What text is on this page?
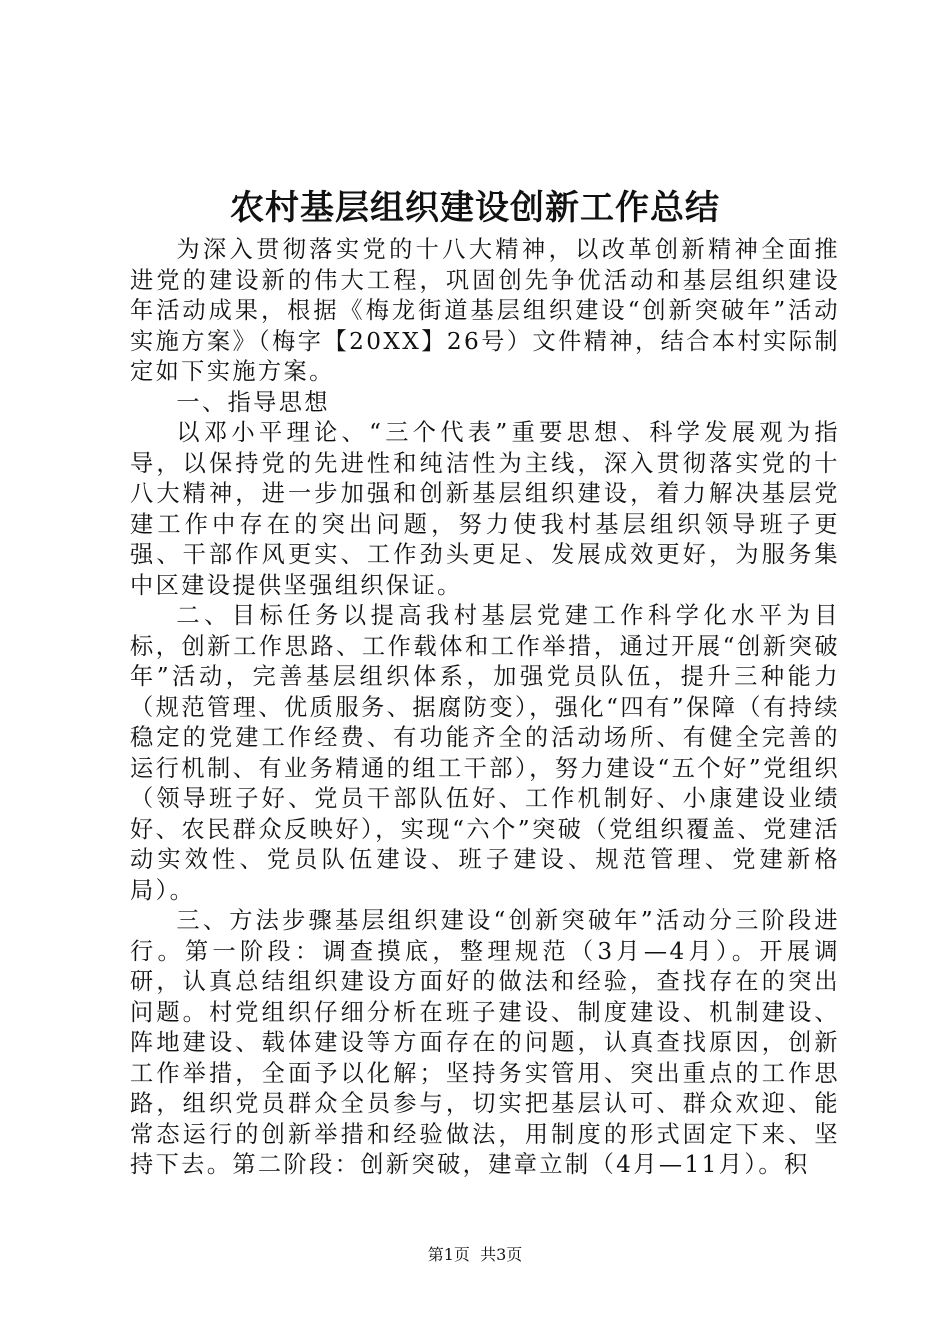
农村基层组织建设创新工作总结

为深入贯彻落实党的十八大精神，以改革创新精神全面推进党的建设新的伟大工程，巩固创先争优活动和基层组织建设年活动成果，根据《梅龙街道基层组织建设“创新突破年”活动实施方案》（梅字【20XX】26号）文件精神，结合本村实际制定如下实施方案。

一、指导思想

以邓小平理论、“三个代表”重要思想、科学发展观为指导，以保持党的先进性和纯洁性为主线，深入贯彻落实党的十八大精神，进一步加强和创新基层组织建设，着力解决基层党建工作中存在的突出问题，努力使我村基层组织领导班子更强、干部作风更实、工作劲头更足、发展成效更好，为服务集中区建设提供坚强组织保证。

二、目标任务以提高我村基层党建工作科学化水平为目标，创新工作思路、工作载体和工作举措，通过开展“创新突破年”活动，完善基层组织体系，加强党员队伍，提升三种能力（规范管理、优质服务、据腐防变），强化“四有”保障（有持续稳定的党建工作经费、有功能齐全的活动场所、有健全完善的运行机制、有业务精通的组工干部），努力建设“五个好”党组织（领导班子好、党员干部队伍好、工作机制好、小康建设业绩好、农民群众反映好），实现“六个”突破（党组织覆盖、党建活动实效性、党员队伍建设、班子建设、规范管理、党建新格局）。

三、方法步骤基层组织建设“创新突破年”活动分三阶段进行。第一阶段：调查摸底，整理规范（3月—4月）。开展调研，认真总结组织建设方面好的做法和经验，查找存在的突出问题。村党组织仔细分析在班子建设、制度建设、机制建设、阵地建设、载体建设等方面存在的问题，认真查找原因，创新工作举措，全面予以化解；坚持务实管用、突出重点的工作思路，组织党员群众全员参与，切实把基层认可、群众欢迎、能常态运行的创新举措和经验做法，用制度的形式固定下来、坚持下去。第二阶段：创新突破，建章立制（4月—11月）。积

第1页 共3页
